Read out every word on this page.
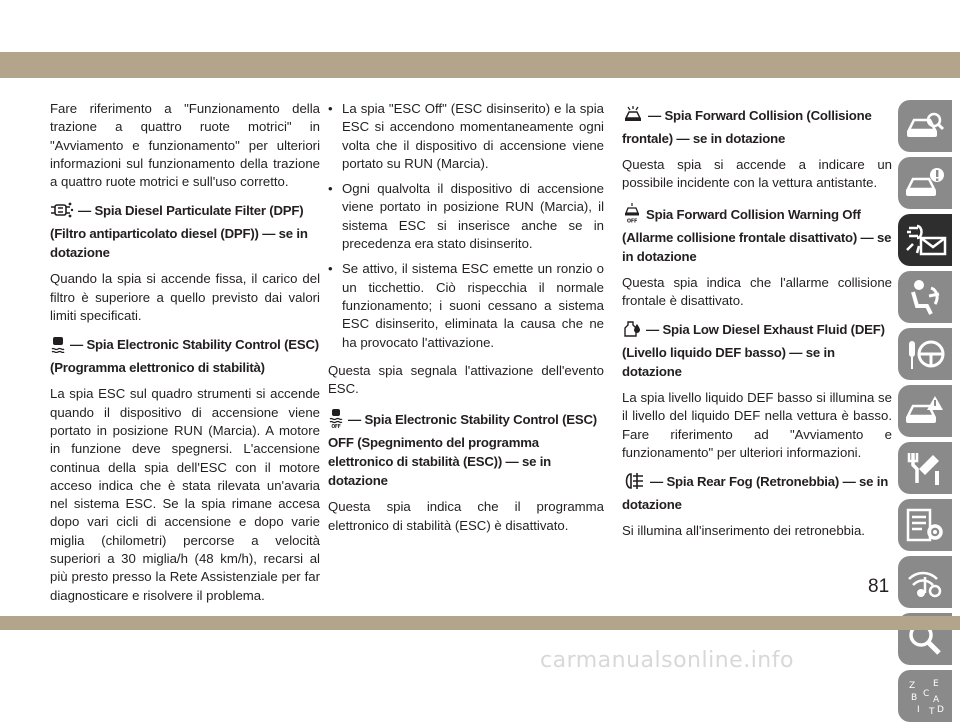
Fare riferimento a "Funzionamento della trazione a quattro ruote motrici" in "Avviamento e funzionamento" per ulteriori informazioni sul funzionamento della trazione a quattro ruote motrici e sull'uso corretto.

— Spia Diesel Particulate Filter (DPF) (Filtro antiparticolato diesel (DPF)) — se in dotazione

Quando la spia si accende fissa, il carico del filtro è superiore a quello previsto dai valori limiti specificati.

— Spia Electronic Stability Control (ESC) (Programma elettronico di stabilità)

La spia ESC sul quadro strumenti si accende quando il dispositivo di accensione viene portato in posizione RUN (Marcia). A motore in funzione deve spegnersi. L'accensione continua della spia dell'ESC con il motore acceso indica che è stata rilevata un'avaria nel sistema ESC. Se la spia rimane accesa dopo vari cicli di accensione e dopo varie miglia (chilometri) percorse a velocità superiori a 30 miglia/h (48 km/h), recarsi al più presto presso la Rete Assistenziale per far diagnosticare e risolvere il problema.

• La spia "ESC Off" (ESC disinserito) e la spia ESC si accendono momentaneamente ogni volta che il dispositivo di accensione viene portato su RUN (Marcia).
• Ogni qualvolta il dispositivo di accensione viene portato in posizione RUN (Marcia), il sistema ESC si inserisce anche se in precedenza era stato disinserito.
• Se attivo, il sistema ESC emette un ronzio o un ticchettio. Ciò rispecchia il normale funzionamento; i suoni cessano a sistema ESC disinserito, eliminata la causa che ne ha provocato l'attivazione.

Questa spia segnala l'attivazione dell'evento ESC.

OFF — Spia Electronic Stability Control (ESC) OFF (Spegnimento del programma elettronico di stabilità (ESC)) — se in dotazione

Questa spia indica che il programma elettronico di stabilità (ESC) è disattivato.

— Spia Forward Collision (Collisione frontale) — se in dotazione

Questa spia si accende a indicare un possibile incidente con la vettura antistante.

OFF Spia Forward Collision Warning Off (Allarme collisione frontale disattivato) — se in dotazione

Questa spia indica che l'allarme collisione frontale è disattivato.

— Spia Low Diesel Exhaust Fluid (DEF) (Livello liquido DEF basso) — se in dotazione

La spia livello liquido DEF basso si illumina se il livello del liquido DEF nella vettura è basso. Fare riferimento ad "Avviamento e funzionamento" per ulteriori informazioni.

— Spia Rear Fog (Retronebbia) — se in dotazione

Si illumina all'inserimento dei retronebbia.

Z E
B A
I
C
T D
81
carmanualsonline.info
